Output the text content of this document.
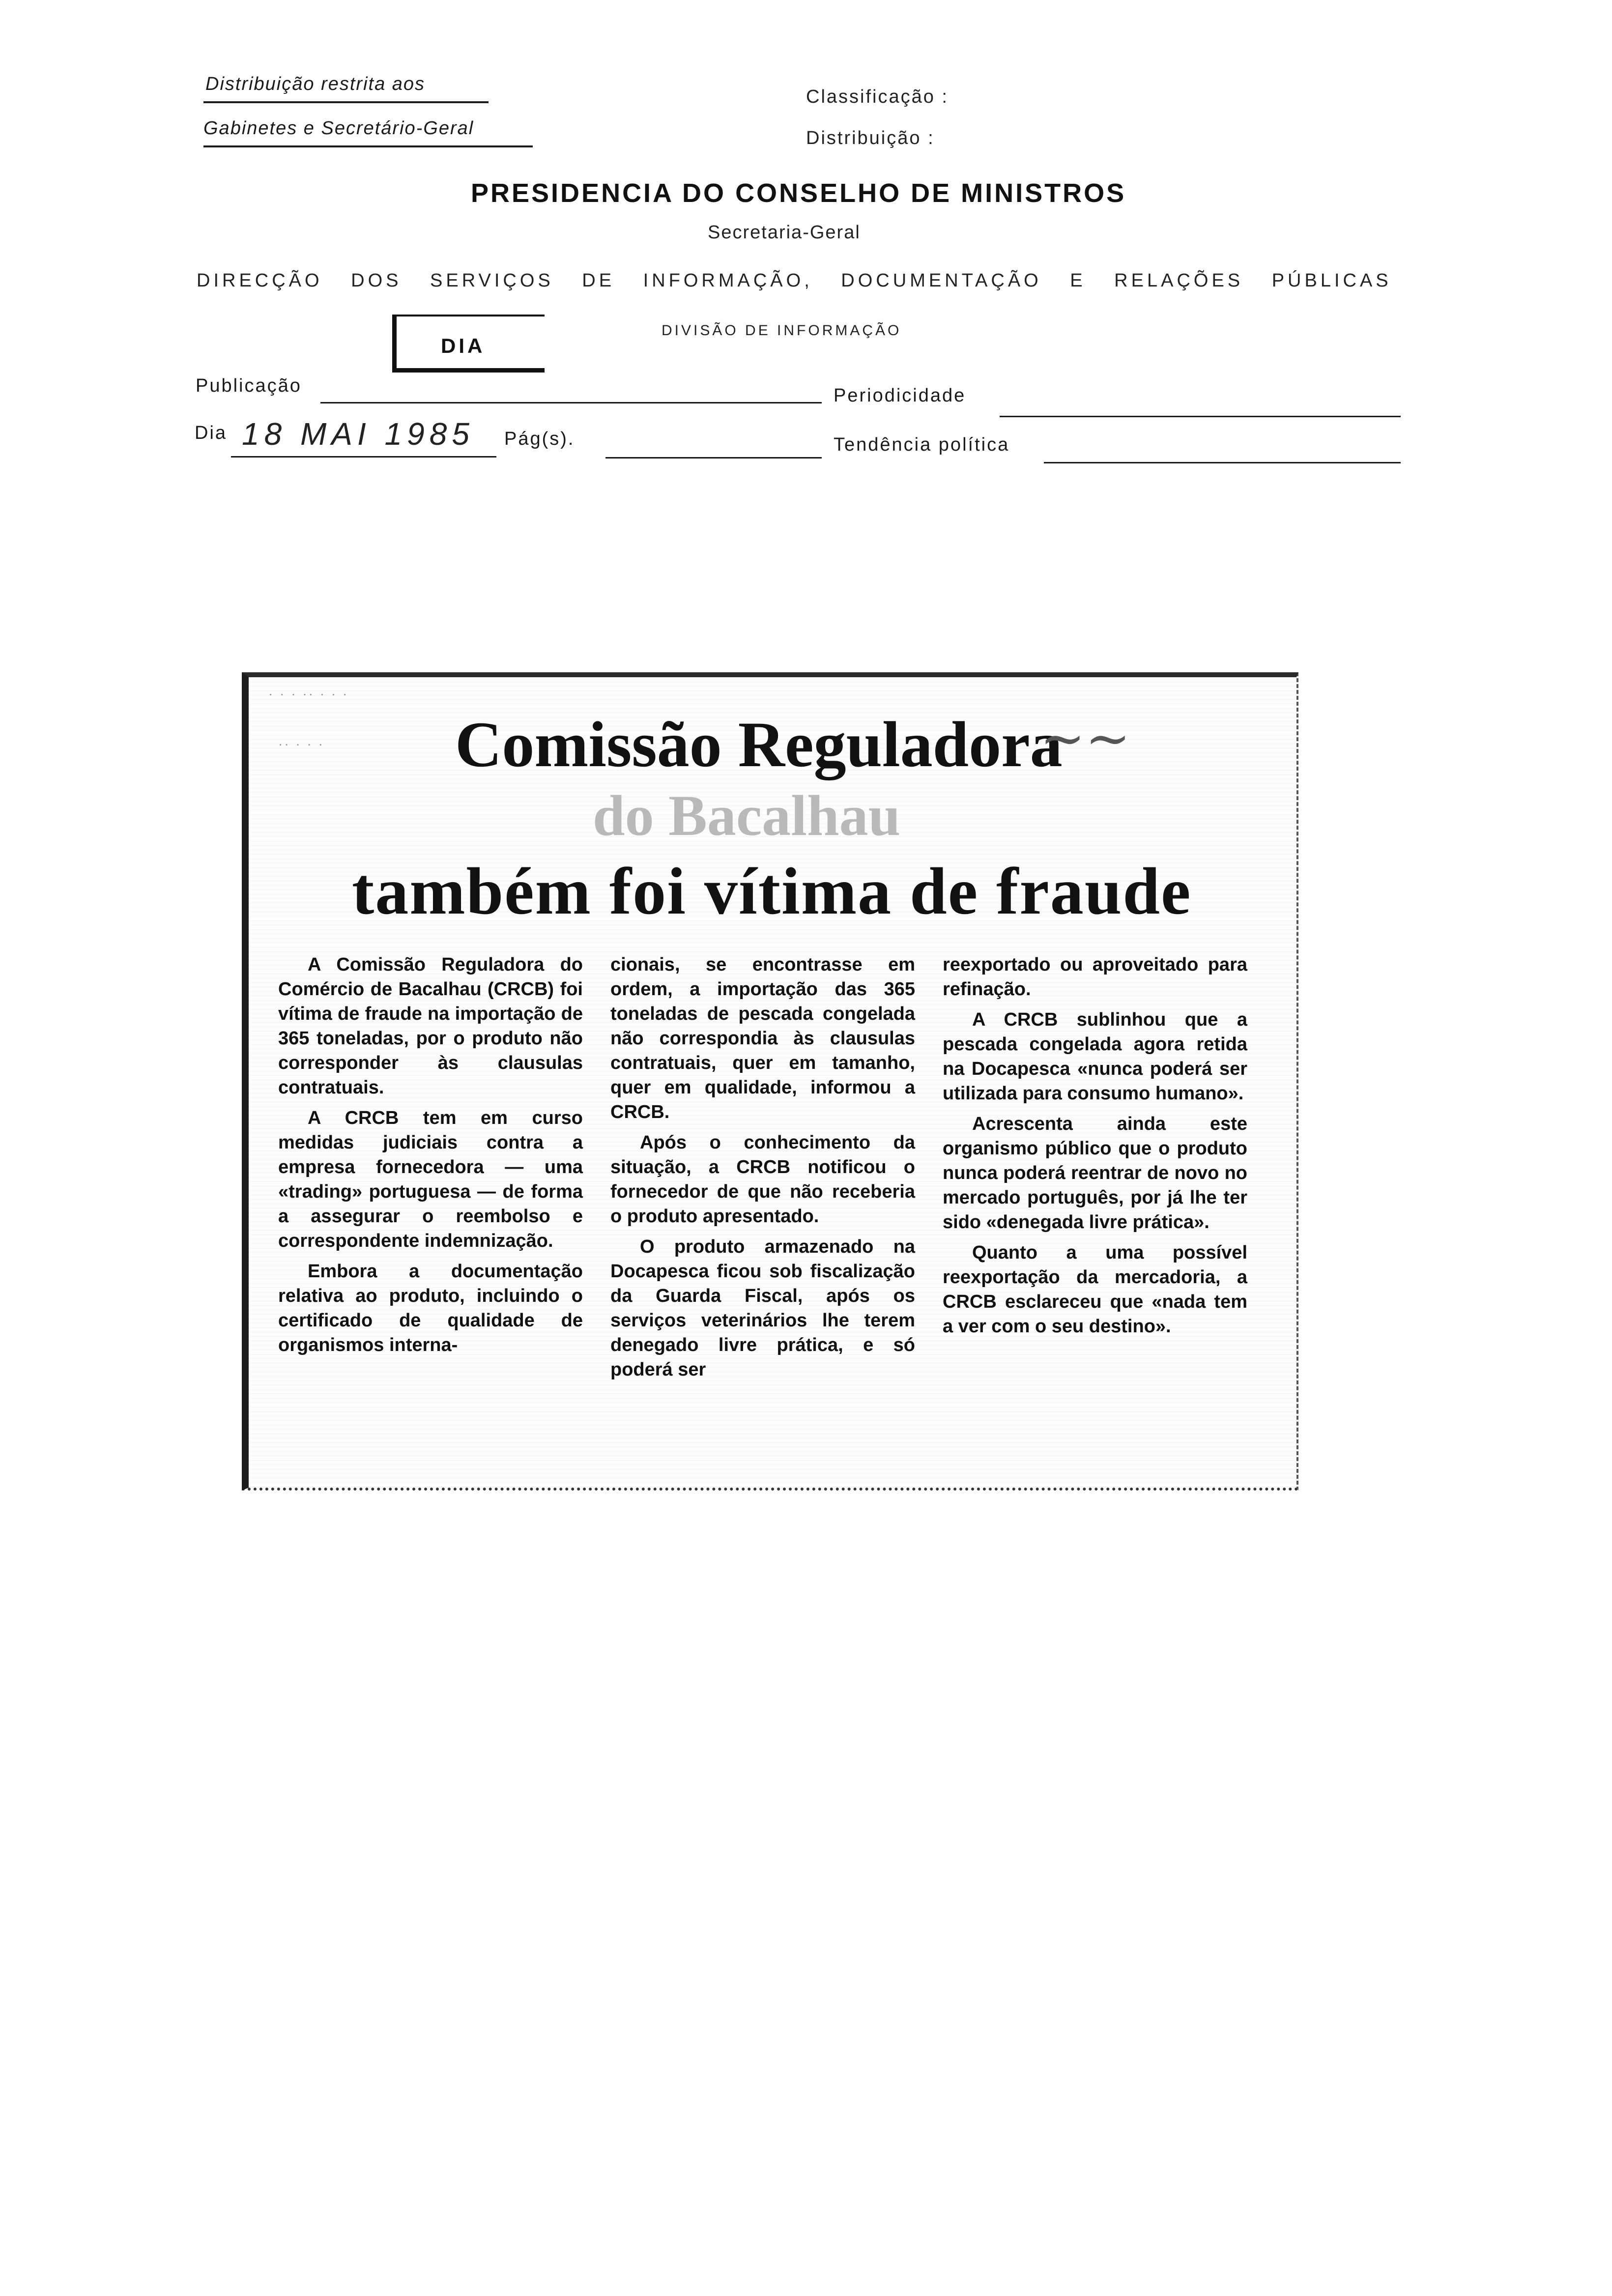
Distribuição restrita aos
Gabinetes e Secretário-Geral
Classificação :
Distribuição :
PRESIDENCIA DO CONSELHO DE MINISTROS
Secretaria-Geral
DIRECÇÃO DOS SERVIÇOS DE INFORMAÇÃO, DOCUMENTAÇÃO E RELAÇÕES PÚBLICAS
DIVISÃO DE INFORMAÇÃO
DIA
Publicação	Periodicidade
Dia 18 MAI 1985 Pág(s).	Tendência política
· · · ·· · · ·
·· · · · Comissão Reguladora
do Bacalhau
também foi vítima de fraude
~~

A Comissão Reguladora do Comércio de Bacalhau (CRCB) foi vítima de fraude na importação de 365 toneladas, por o produto não corresponder às clausulas contratuais.

A CRCB tem em curso medidas judiciais contra a empresa fornecedora — uma «trading» portuguesa — de forma a assegurar o reembolso e correspondente indemnização.

Embora a documentação relativa ao produto, incluindo o certificado de qualidade de organismos interna-

cionais, se encontrasse em ordem, a importação das 365 toneladas de pescada congelada não correspondia às clausulas contratuais, quer em tamanho, quer em qualidade, informou a CRCB.

Após o conhecimento da situação, a CRCB notificou o fornecedor de que não receberia o produto apresentado.

O produto armazenado na Docapesca ficou sob fiscalização da Guarda Fiscal, após os serviços veterinários lhe terem denegado livre prática, e só poderá ser

reexportado ou aproveitado para refinação.

A CRCB sublinhou que a pescada congelada agora retida na Docapesca «nunca poderá ser utilizada para consumo humano».

Acrescenta ainda este organismo público que o produto nunca poderá reentrar de novo no mercado português, por já lhe ter sido «denegada livre prática».

Quanto a uma possível reexportação da mercadoria, a CRCB esclareceu que «nada tem a ver com o seu destino».
